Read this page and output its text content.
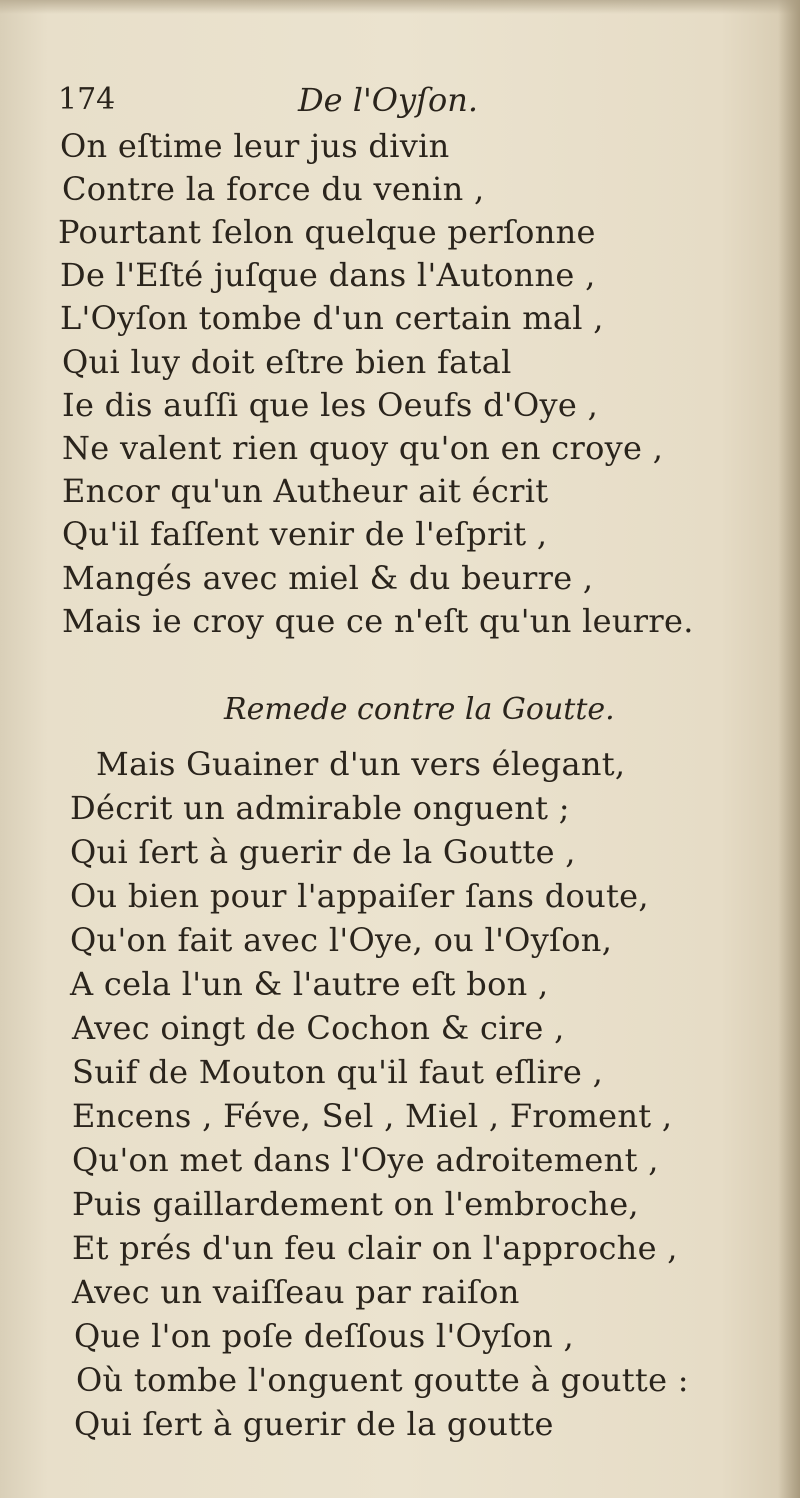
174	De l'Oyſon.
On eſtime leur jus divin
Contre la force du venin ,
Pourtant ſelon quelque perſonne
De l'Eſté juſque dans l'Autonne ,
L'Oyſon tombe d'un certain mal ,
Qui luy doit eſtre bien fatal
Ie dis auſſi que les Oeufs d'Oye ,
Ne valent rien quoy qu'on en croye ,
Encor qu'un Autheur ait écrit
Qu'il faſſent venir de l'eſprit ,
Mangés avec miel & du beurre ,
Mais ie croy que ce n'eſt qu'un leurre.
Remede contre la Goutte.
Mais Guainer d'un vers élegant,
Décrit un admirable onguent ;
Qui ſert à guerir de la Goutte ,
Ou bien pour l'appaiſer ſans doute,
Qu'on fait avec l'Oye, ou l'Oyſon,
A cela l'un & l'autre eſt bon ,
Avec oingt de Cochon & cire ,
Suif de Mouton qu'il faut eſlire ,
Encens , Féve, Sel , Miel , Froment ,
Qu'on met dans l'Oye adroitement ,
Puis gaillardement on l'embroche,
Et prés d'un feu clair on l'approche ,
Avec un vaiſſeau par raiſon
Que l'on poſe deſſous l'Oyſon ,
Où tombe l'onguent goutte à goutte :
Qui ſert à guerir de la goutte
